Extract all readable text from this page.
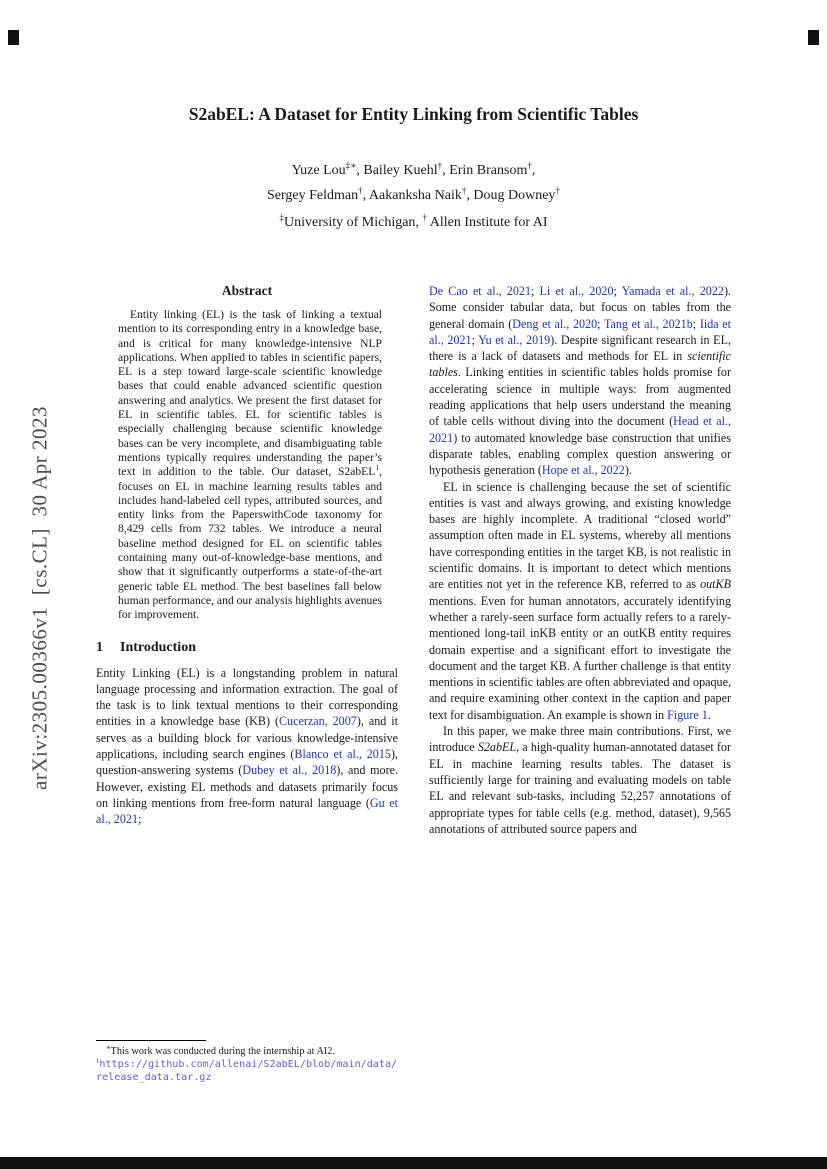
arXiv:2305.00366v1  [cs.CL]  30 Apr 2023
S2abEL: A Dataset for Entity Linking from Scientific Tables
Yuze Lou‡∗, Bailey Kuehl†, Erin Bransom†,
Sergey Feldman†, Aakanksha Naik†, Doug Downey†
‡University of Michigan, † Allen Institute for AI
Abstract
Entity linking (EL) is the task of linking a textual mention to its corresponding entry in a knowledge base, and is critical for many knowledge-intensive NLP applications. When applied to tables in scientific papers, EL is a step toward large-scale scientific knowledge bases that could enable advanced scientific question answering and analytics. We present the first dataset for EL in scientific tables. EL for scientific tables is especially challenging because scientific knowledge bases can be very incomplete, and disambiguating table mentions typically requires understanding the paper’s text in addition to the table. Our dataset, S2abEL$^1$, focuses on EL in machine learning results tables and includes hand-labeled cell types, attributed sources, and entity links from the PaperswithCode taxonomy for 8,429 cells from 732 tables. We introduce a neural baseline method designed for EL on scientific tables containing many out-of-knowledge-base mentions, and show that it significantly outperforms a state-of-the-art generic table EL method. The best baselines fall below human performance, and our analysis highlights avenues for improvement.
1 Introduction

Entity Linking (EL) is a longstanding problem in natural language processing and information extraction. The goal of the task is to link textual mentions to their corresponding entities in a knowledge base (KB) (Cucerzan, 2007), and it serves as a building block for various knowledge-intensive applications, including search engines (Blanco et al., 2015), question-answering systems (Dubey et al., 2018), and more. However, existing EL methods and datasets primarily focus on linking mentions from free-form natural language (Gu et al., 2021;

De Cao et al., 2021; Li et al., 2020; Yamada et al., 2022). Some consider tabular data, but focus on tables from the general domain (Deng et al., 2020; Tang et al., 2021b; Iida et al., 2021; Yu et al., 2019). Despite significant research in EL, there is a lack of datasets and methods for EL in scientific tables. Linking entities in scientific tables holds promise for accelerating science in multiple ways: from augmented reading applications that help users understand the meaning of table cells without diving into the document (Head et al., 2021) to automated knowledge base construction that unifies disparate tables, enabling complex question answering or hypothesis generation (Hope et al., 2022).

EL in science is challenging because the set of scientific entities is vast and always growing, and existing knowledge bases are highly incomplete. A traditional “closed world” assumption often made in EL systems, whereby all mentions have corresponding entities in the target KB, is not realistic in scientific domains. It is important to detect which mentions are entities not yet in the reference KB, referred to as outKB mentions. Even for human annotators, accurately identifying whether a rarely-seen surface form actually refers to a rarely-mentioned long-tail inKB entity or an outKB entity requires domain expertise and a significant effort to investigate the document and the target KB. A further challenge is that entity mentions in scientific tables are often abbreviated and opaque, and require examining other context in the caption and paper text for disambiguation. An example is shown in Figure 1.

In this paper, we make three main contributions. First, we introduce S2abEL, a high-quality human-annotated dataset for EL in machine learning results tables. The dataset is sufficiently large for training and evaluating models on table EL and relevant sub-tasks, including 52,257 annotations of appropriate types for table cells (e.g. method, dataset), 9,565 annotations of attributed source papers and

∗This work was conducted during the internship at AI2.
$^1$https://github.com/allenai/S2abEL/blob/main/data/release_data.tar.gz
